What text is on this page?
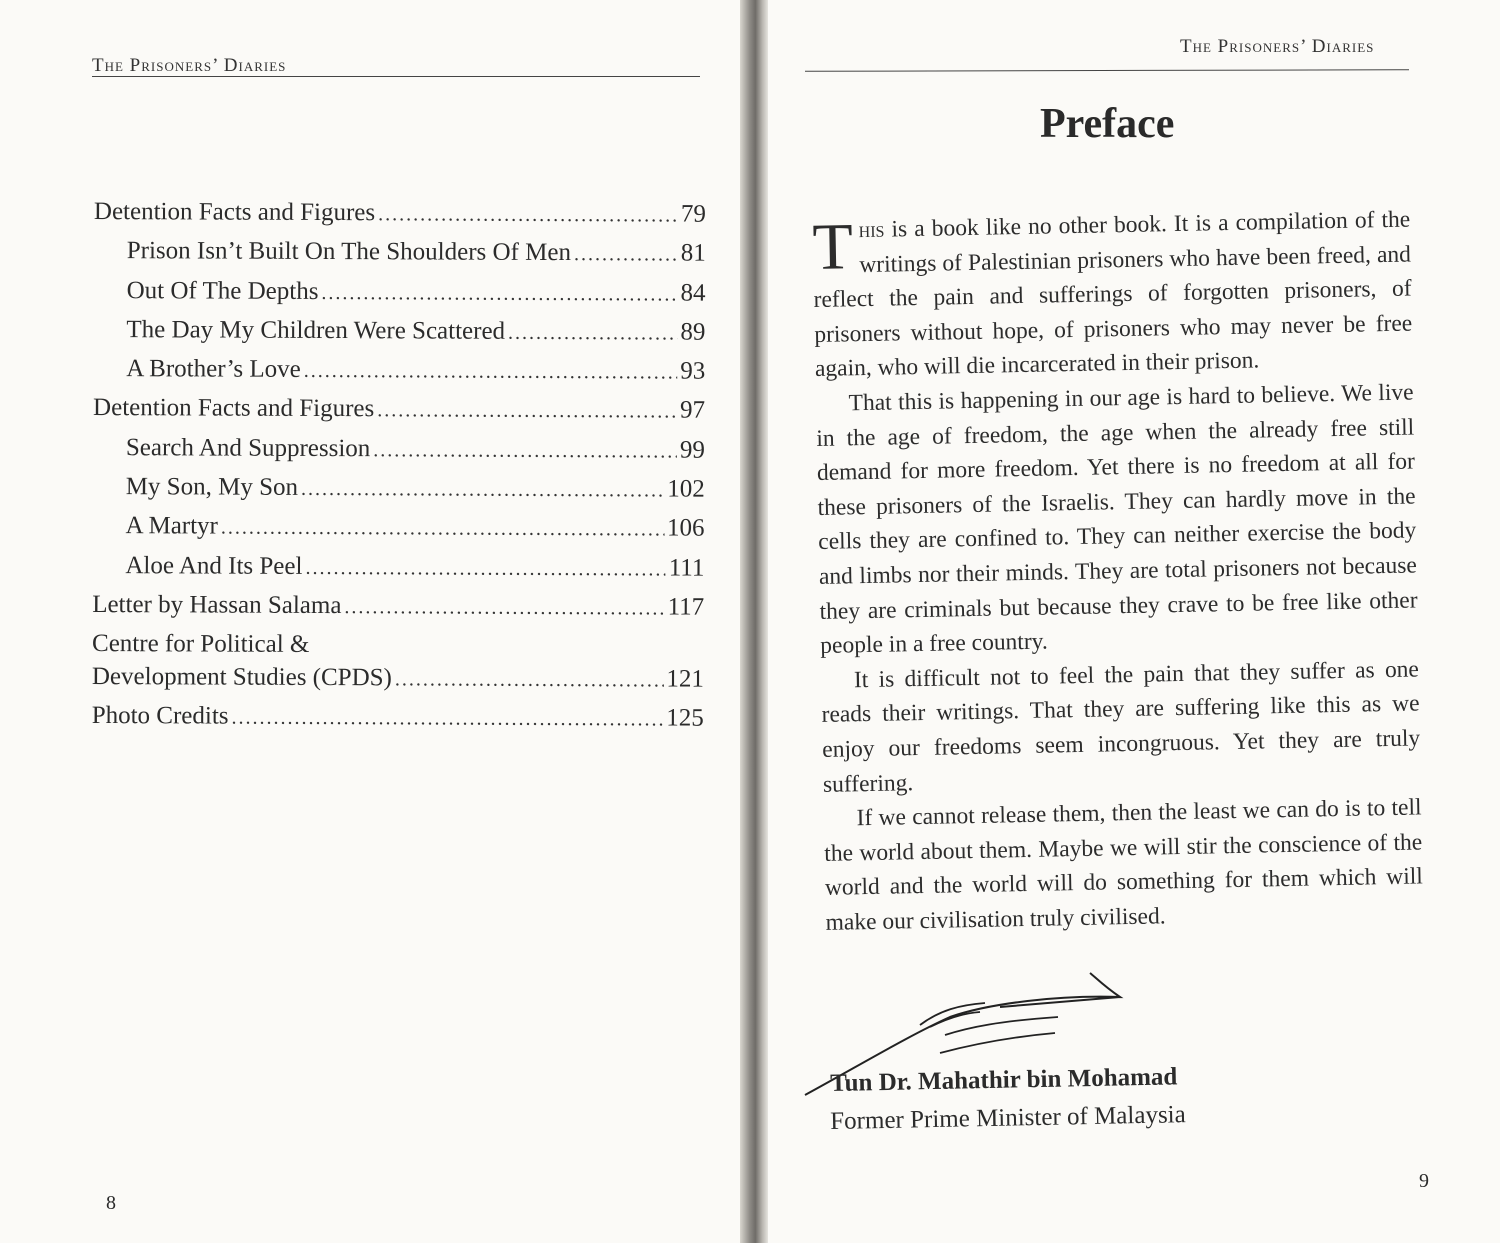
The Prisoners’ Diaries
Detention Facts and Figures .....	79
Prison Isn’t Built On The Shoulders Of Men .....	81
Out Of The Depths .....	84
The Day My Children Were Scattered .....	89
A Brother’s Love .....	93
Detention Facts and Figures .....	97
Search And Suppression .....	99
My Son, My Son .....	102
A Martyr .....	106
Aloe And Its Peel .....	111
Letter by Hassan Salama .....	117
Centre for Political &
Development Studies (CPDS) .....	121
Photo Credits .....	125
8
The Prisoners’ Diaries
Preface

This is a book like no other book. It is a compilation of the writings of Palestinian prisoners who have been freed, and reflect the pain and sufferings of forgotten prisoners, of prisoners without hope, of prisoners who may never be free again, who will die incarcerated in their prison.

That this is happening in our age is hard to believe. We live in the age of freedom, the age when the already free still demand for more freedom. Yet there is no freedom at all for these prisoners of the Israelis. They can hardly move in the cells they are confined to. They can neither exercise the body and limbs nor their minds. They are total prisoners not because they are criminals but because they crave to be free like other people in a free country.

It is difficult not to feel the pain that they suffer as one reads their writings. That they are suffering like this as we enjoy our freedoms seem incongruous. Yet they are truly suffering.

If we cannot release them, then the least we can do is to tell the world about them. Maybe we will stir the conscience of the world and the world will do something for them which will make our civilisation truly civilised.

Tun Dr. Mahathir bin Mohamad
Former Prime Minister of Malaysia
9
